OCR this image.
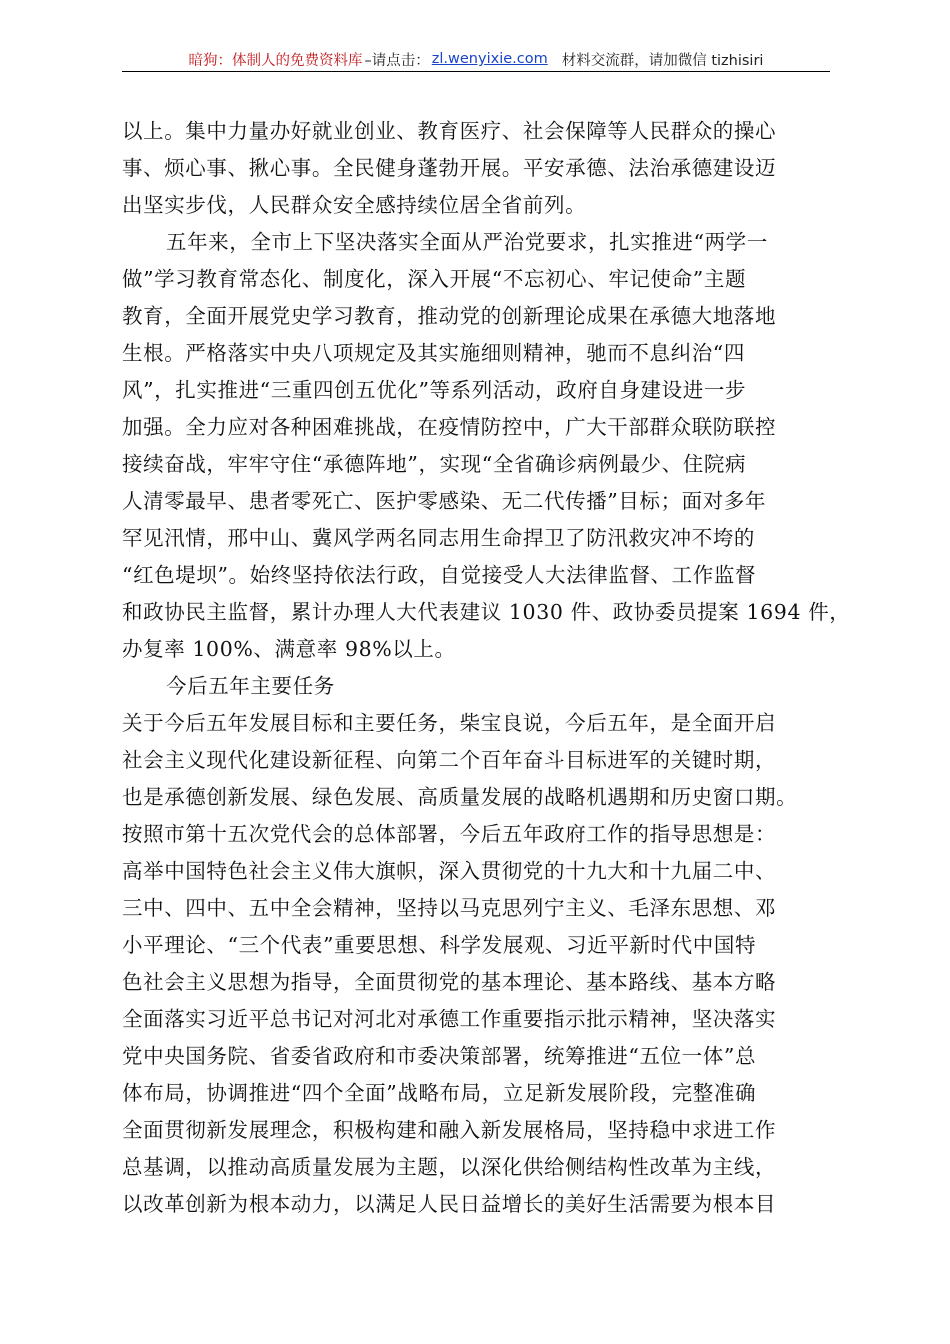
暗狗：体制人的免费资料库 –请点击： zl.wenyixie.com 材料交流群，请加微信 tizhisiri
以上。集中力量办好就业创业、教育医疗、社会保障等人民群众的操心
事、烦心事、揪心事。全民健身蓬勃开展。平安承德、法治承德建设迈
出坚实步伐，人民群众安全感持续位居全省前列。
五年来，全市上下坚决落实全面从严治党要求，扎实推进“两学一
做”学习教育常态化、制度化，深入开展“不忘初心、牢记使命”主题
教育，全面开展党史学习教育，推动党的创新理论成果在承德大地落地
生根。严格落实中央八项规定及其实施细则精神，驰而不息纠治“四
风”，扎实推进“三重四创五优化”等系列活动，政府自身建设进一步
加强。全力应对各种困难挑战，在疫情防控中，广大干部群众联防联控
接续奋战，牢牢守住“承德阵地”，实现“全省确诊病例最少、住院病
人清零最早、患者零死亡、医护零感染、无二代传播”目标；面对多年
罕见汛情，邢中山、冀风学两名同志用生命捍卫了防汛救灾冲不垮的
“红色堤坝”。始终坚持依法行政，自觉接受人大法律监督、工作监督
和政协民主监督，累计办理人大代表建议 1030 件、政协委员提案 1694 件，
办复率 100%、满意率 98%以上。
今后五年主要任务
关于今后五年发展目标和主要任务，柴宝良说，今后五年，是全面开启
社会主义现代化建设新征程、向第二个百年奋斗目标进军的关键时期，
也是承德创新发展、绿色发展、高质量发展的战略机遇期和历史窗口期。
按照市第十五次党代会的总体部署，今后五年政府工作的指导思想是：
高举中国特色社会主义伟大旗帜，深入贯彻党的十九大和十九届二中、
三中、四中、五中全会精神，坚持以马克思列宁主义、毛泽东思想、邓
小平理论、“三个代表”重要思想、科学发展观、习近平新时代中国特
色社会主义思想为指导，全面贯彻党的基本理论、基本路线、基本方略
全面落实习近平总书记对河北对承德工作重要指示批示精神，坚决落实
党中央国务院、省委省政府和市委决策部署，统筹推进“五位一体”总
体布局，协调推进“四个全面”战略布局，立足新发展阶段，完整准确
全面贯彻新发展理念，积极构建和融入新发展格局，坚持稳中求进工作
总基调，以推动高质量发展为主题，以深化供给侧结构性改革为主线，
以改革创新为根本动力，以满足人民日益增长的美好生活需要为根本目
